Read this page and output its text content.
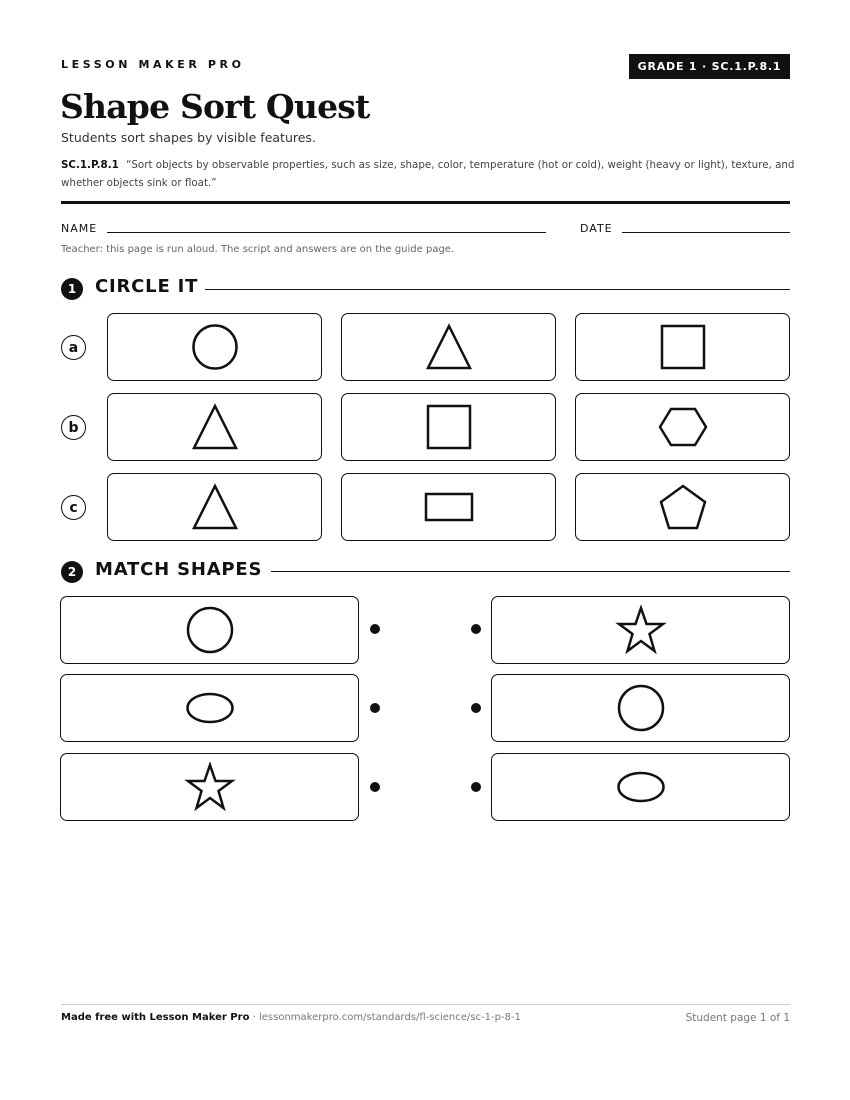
LESSON MAKER PRO	GRADE 1 · SC.1.P.8.1
Shape Sort Quest
Students sort shapes by visible features.
SC.1.P.8.1 “Sort objects by observable properties, such as size, shape, color, temperature (hot or cold), weight (heavy or light), texture, and whether objects sink or float.”
NAME	DATE
Teacher: this page is run aloud. The script and answers are on the guide page.
1	CIRCLE IT
a
b
c
2	MATCH SHAPES
Made free with Lesson Maker Pro · lessonmakerpro.com/standards/fl-science/sc-1-p-8-1	Student page 1 of 1
